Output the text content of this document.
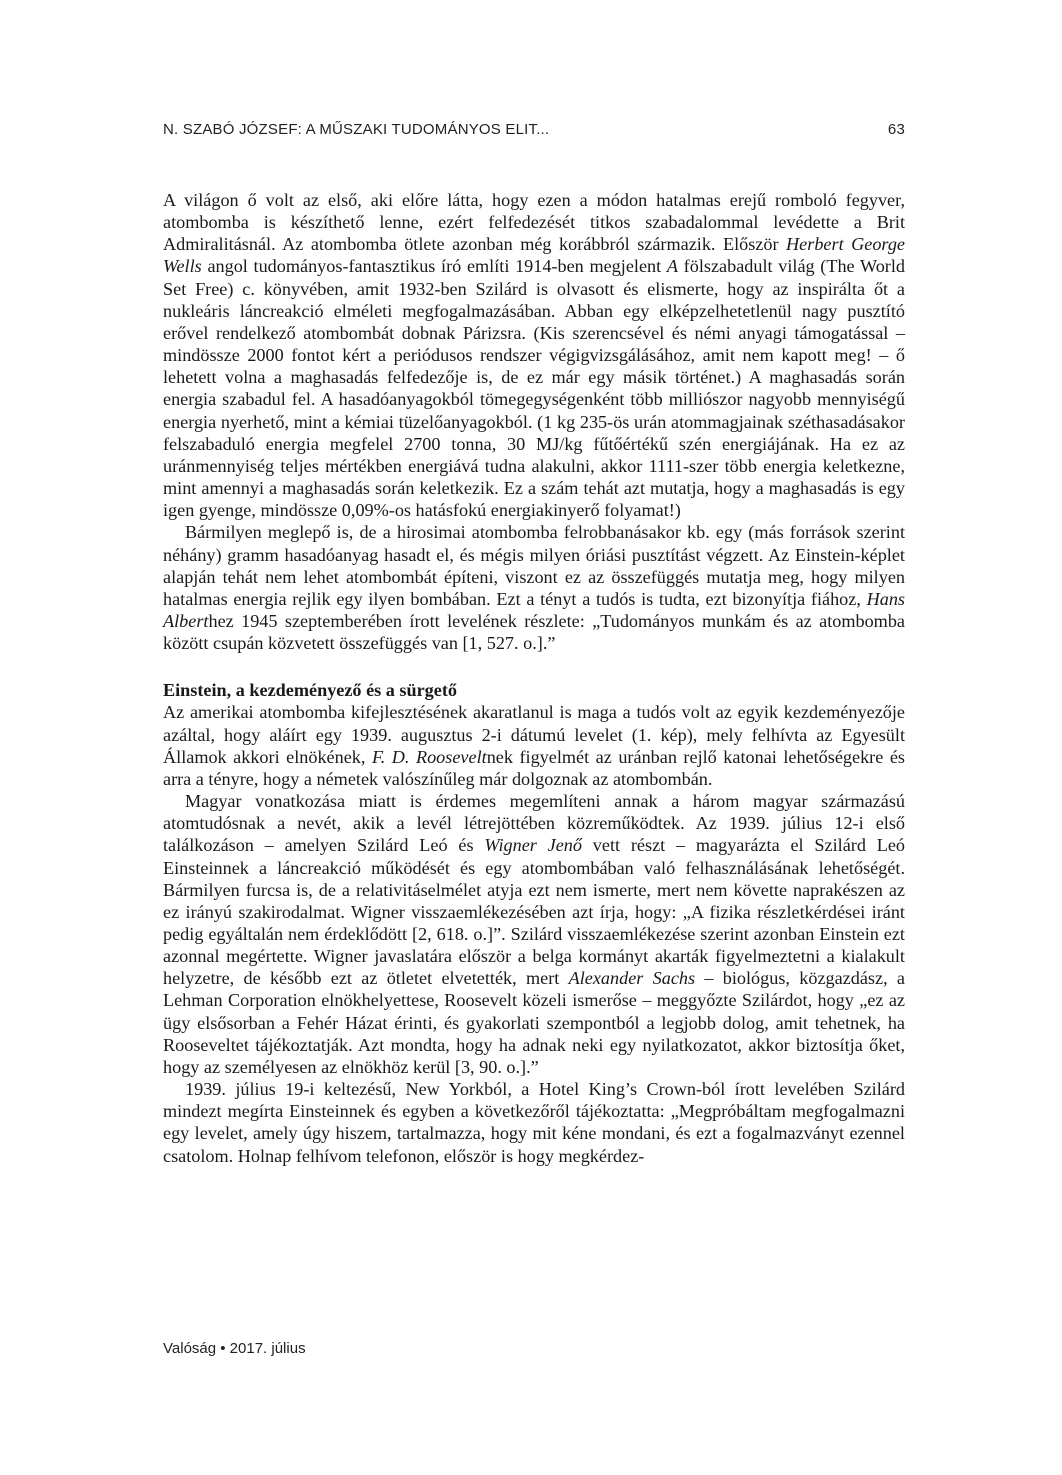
N. SZABÓ JÓZSEF: A MŰSZAKI TUDOMÁNYOS ELIT...	63

A világon ő volt az első, aki előre látta, hogy ezen a módon hatalmas erejű romboló fegyver, atombomba is készíthető lenne, ezért felfedezését titkos szabadalommal levédette a Brit Admiralitásnál. Az atombomba ötlete azonban még korábbról származik. Először Herbert George Wells angol tudományos-fantasztikus író említi 1914-ben megjelent A fölszabadult világ (The World Set Free) c. könyvében, amit 1932-ben Szilárd is olvasott és elismerte, hogy az inspirálta őt a nukleáris láncreakció elméleti megfogalmazásában. Abban egy elképzelhetetlenül nagy pusztító erővel rendelkező atombombát dobnak Párizsra. (Kis szerencsével és némi anyagi támogatással – mindössze 2000 fontot kért a periódusos rendszer végigvizsgálásához, amit nem kapott meg! – ő lehetett volna a maghasadás felfedezője is, de ez már egy másik történet.) A maghasadás során energia szabadul fel. A hasadóanyagokból tömegegységenként több milliószor nagyobb mennyiségű energia nyerhető, mint a kémiai tüzelőanyagokból. (1 kg 235-ös urán atommagjainak széthasadásakor felszabaduló energia megfelel 2700 tonna, 30 MJ/kg fűtőértékű szén energiájának. Ha ez az uránmennyiség teljes mértékben energiává tudna alakulni, akkor 1111-szer több energia keletkezne, mint amennyi a maghasadás során keletkezik. Ez a szám tehát azt mutatja, hogy a maghasadás is egy igen gyenge, mindössze 0,09%-os hatásfokú energiakinyerő folyamat!)

Bármilyen meglepő is, de a hirosimai atombomba felrobbanásakor kb. egy (más források szerint néhány) gramm hasadóanyag hasadt el, és mégis milyen óriási pusztítást végzett. Az Einstein-képlet alapján tehát nem lehet atombombát építeni, viszont ez az összefüggés mutatja meg, hogy milyen hatalmas energia rejlik egy ilyen bombában. Ezt a tényt a tudós is tudta, ezt bizonyítja fiához, Hans Alberthez 1945 szeptemberében írott levelének részlete: „Tudományos munkám és az atombomba között csupán közvetett összefüggés van [1, 527. o.].”

Einstein, a kezdeményező és a sürgető

Az amerikai atombomba kifejlesztésének akaratlanul is maga a tudós volt az egyik kezdeményezője azáltal, hogy aláírt egy 1939. augusztus 2-i dátumú levelet (1. kép), mely felhívta az Egyesült Államok akkori elnökének, F. D. Rooseveltnek figyelmét az uránban rejlő katonai lehetőségekre és arra a tényre, hogy a németek valószínűleg már dolgoznak az atombombán.

Magyar vonatkozása miatt is érdemes megemlíteni annak a három magyar származású atomtudósnak a nevét, akik a levél létrejöttében közreműködtek. Az 1939. július 12-i első találkozáson – amelyen Szilárd Leó és Wigner Jenő vett részt – magyarázta el Szilárd Leó Einsteinnek a láncreakció működését és egy atombombában való felhasználásának lehetőségét. Bármilyen furcsa is, de a relativitáselmélet atyja ezt nem ismerte, mert nem követte naprakészen az ez irányú szakirodalmat. Wigner visszaemlékezésében azt írja, hogy: „A fizika részletkérdései iránt pedig egyáltalán nem érdeklődött [2, 618. o.]”. Szilárd visszaemlékezése szerint azonban Einstein ezt azonnal megértette. Wigner javaslatára először a belga kormányt akarták figyelmeztetni a kialakult helyzetre, de később ezt az ötletet elvetették, mert Alexander Sachs – biológus, közgazdász, a Lehman Corporation elnökhelyettese, Roosevelt közeli ismerőse – meggyőzte Szilárdot, hogy „ez az ügy elsősorban a Fehér Házat érinti, és gyakorlati szempontból a legjobb dolog, amit tehetnek, ha Rooseveltet tájékoztatják. Azt mondta, hogy ha adnak neki egy nyilatkozatot, akkor biztosítja őket, hogy az személyesen az elnökhöz kerül [3, 90. o.].”

1939. július 19-i keltezésű, New Yorkból, a Hotel King’s Crown-ból írott levelében Szilárd mindezt megírta Einsteinnek és egyben a következőről tájékoztatta: „Megpróbáltam megfogalmazni egy levelet, amely úgy hiszem, tartalmazza, hogy mit kéne mondani, és ezt a fogalmazványt ezennel csatolom. Holnap felhívom telefonon, először is hogy megkérdez-

Valóság • 2017. július
